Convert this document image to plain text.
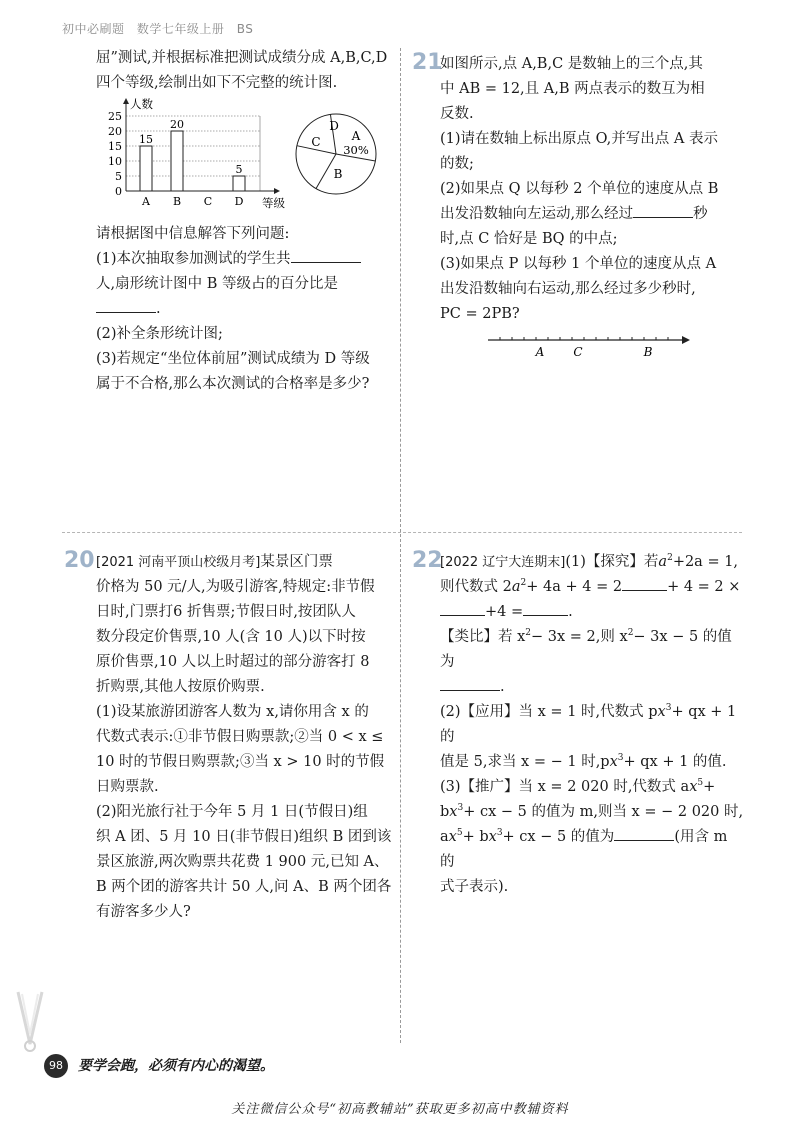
初中必刷题 数学七年级上册 BS

屈”测试,并根据标准把测试成绩分成 A,B,C,D

四个等级,绘制出如下不完整的统计图.

0
5
10
15
20
25
人数
等级
A
15
B
20
C D
5
A
30%
B
C
D

请根据图中信息解答下列问题:

(1)本次抽取参加测试的学生共

人,扇形统计图中 B 等级占的百分比是

.

(2)补全条形统计图;

(3)若规定“坐位体前屈”测试成绩为 D 等级

属于不合格,那么本次测试的合格率是多少?

21

如图所示,点 A,B,C 是数轴上的三个点,其

中 AB = 12,且 A,B 两点表示的数互为相

反数.

(1)请在数轴上标出原点 O,并写出点 A 表示

的数;

(2)如果点 Q 以每秒 2 个单位的速度从点 B

出发沿数轴向左运动,那么经过	秒

时,点 C 恰好是 BQ 的中点;

(3)如果点 P 以每秒 1 个单位的速度从点 A

出发沿数轴向右运动,那么经过多少秒时,

PC = 2PB?

A C	B
20 [2021 河南平顶山校级月考]某景区门票

价格为 50 元/人,为吸引游客,特规定:非节假

日时,门票打6 折售票;节假日时,按团队人

数分段定价售票,10 人(含 10 人)以下时按

原价售票,10 人以上时超过的部分游客打 8

折购票,其他人按原价购票.

(1)设某旅游团游客人数为 x,请你用含 x 的

代数式表示:①非节假日购票款;②当 0 < x ≤

10 时的节假日购票款;③当 x > 10 时的节假

日购票款.

(2)阳光旅行社于今年 5 月 1 日(节假日)组

织 A 团、5 月 10 日(非节假日)组织 B 团到该

景区旅游,两次购票共花费 1 900 元,已知 A、

B 两个团的游客共计 50 人,问 A、B 两个团各

有游客多少人?

22

[2022 辽宁大连期末](1)【探究】若$a^2+2a = 1$,

则代数式 $2a^2+ 4a + 4 = 2$	+ 4 = 2 ×

+4 =	.

【类比】若 $x^2- 3x = 2$,则 $x^2- 3x - 5$ 的值为

.

(2)【应用】当 x = 1 时,代数式 $px^3+$ qx + 1 的

值是 5,求当 x = − 1 时$,px^3+$ qx + 1 的值.

(3)【推广】当 x = 2 020 时,代数式 $ax^5+$

$bx^3+$ cx − 5 的值为 m,则当 x = − 2 020 时,

$ax^5+ bx^3+$ cx − 5 的值为	(用含 m 的

式子表示).

98	要学会跑，必须有内心的渴望。
关注微信公众号“初高教辅站”获取更多初高中教辅资料
